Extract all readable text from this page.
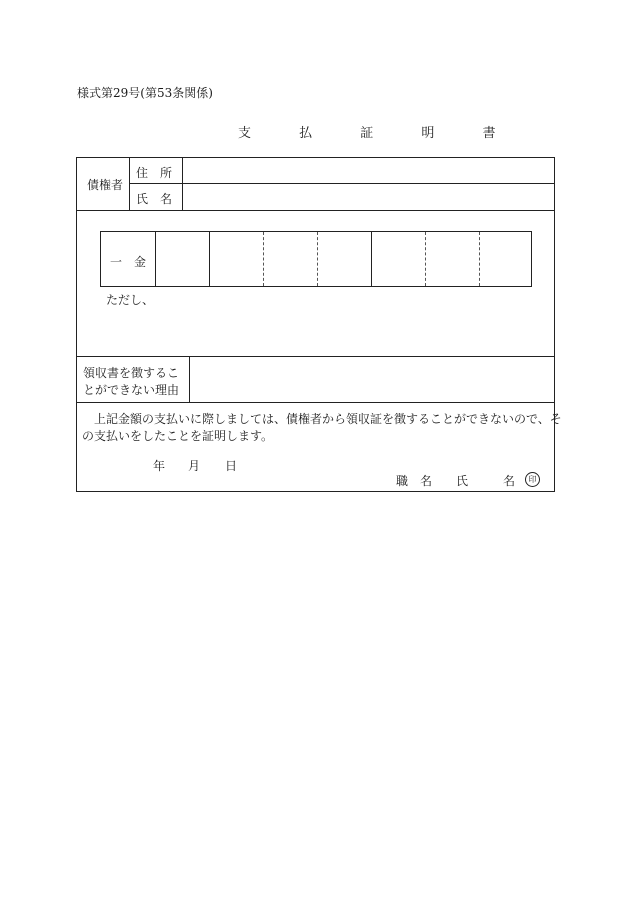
様式第29号(第53条関係)
支 払 証 明 書
債権者
住　所
氏　名
一　金
ただし、
領収書を徴するこ
とができない理由
上記金額の支払いに際しましては、債権者から領収証を徴することができないので、そ
の支払いをしたことを証明します。
年 月 日
職　名 氏	名	印
